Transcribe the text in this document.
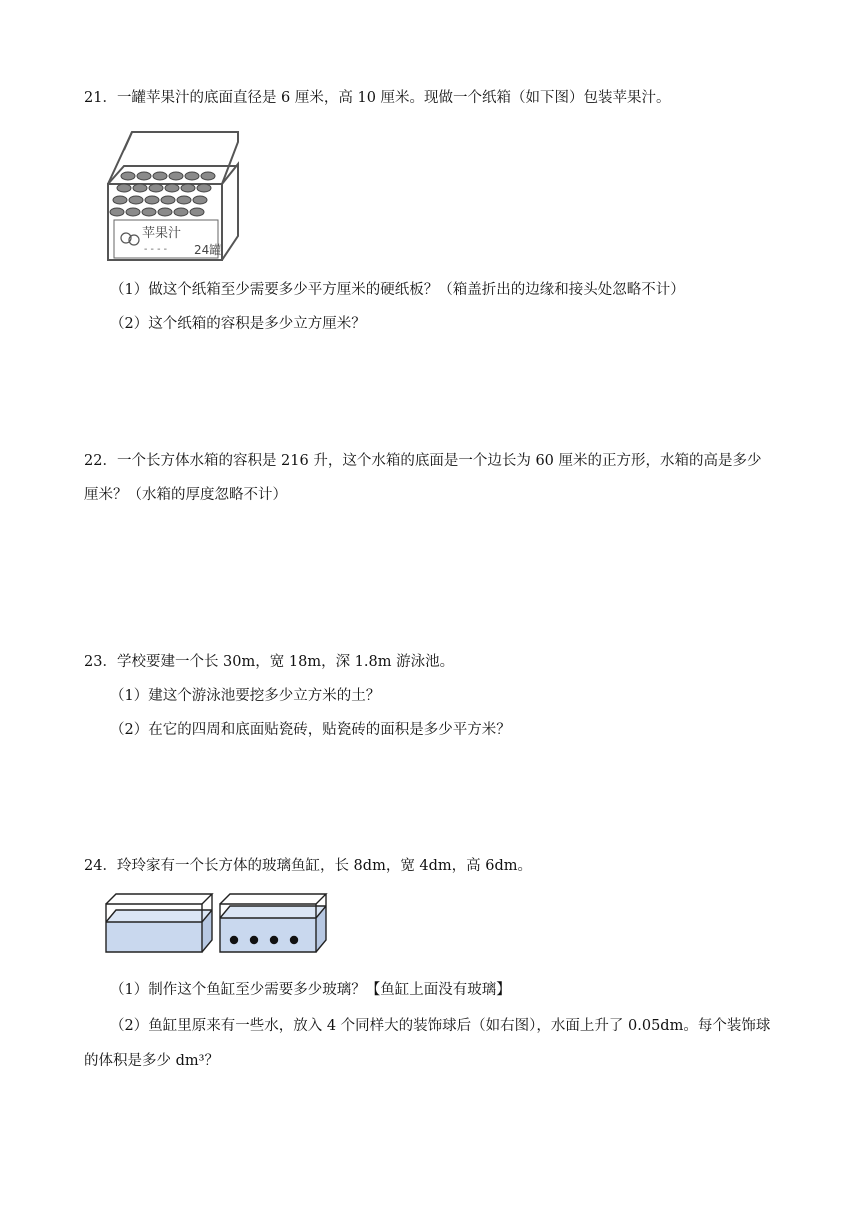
21．一罐苹果汁的底面直径是 6 厘米，高 10 厘米。现做一个纸箱（如下图）包装苹果汁。
苹果汁
24罐
- - - -
（1）做这个纸箱至少需要多少平方厘米的硬纸板？（箱盖折出的边缘和接头处忽略不计）
（2）这个纸箱的容积是多少立方厘米？
22．一个长方体水箱的容积是 216 升，这个水箱的底面是一个边长为 60 厘米的正方形，水箱的高是多少
厘米？（水箱的厚度忽略不计）
23．学校要建一个长 30m，宽 18m，深 1.8m 游泳池。
（1）建这个游泳池要挖多少立方米的土？
（2）在它的四周和底面贴瓷砖，贴瓷砖的面积是多少平方米？
24．玲玲家有一个长方体的玻璃鱼缸，长 8dm，宽 4dm，高 6dm。
（1）制作这个鱼缸至少需要多少玻璃？【鱼缸上面没有玻璃】
（2）鱼缸里原来有一些水，放入 4 个同样大的装饰球后（如右图），水面上升了 0.05dm。每个装饰球
的体积是多少 dm³？
